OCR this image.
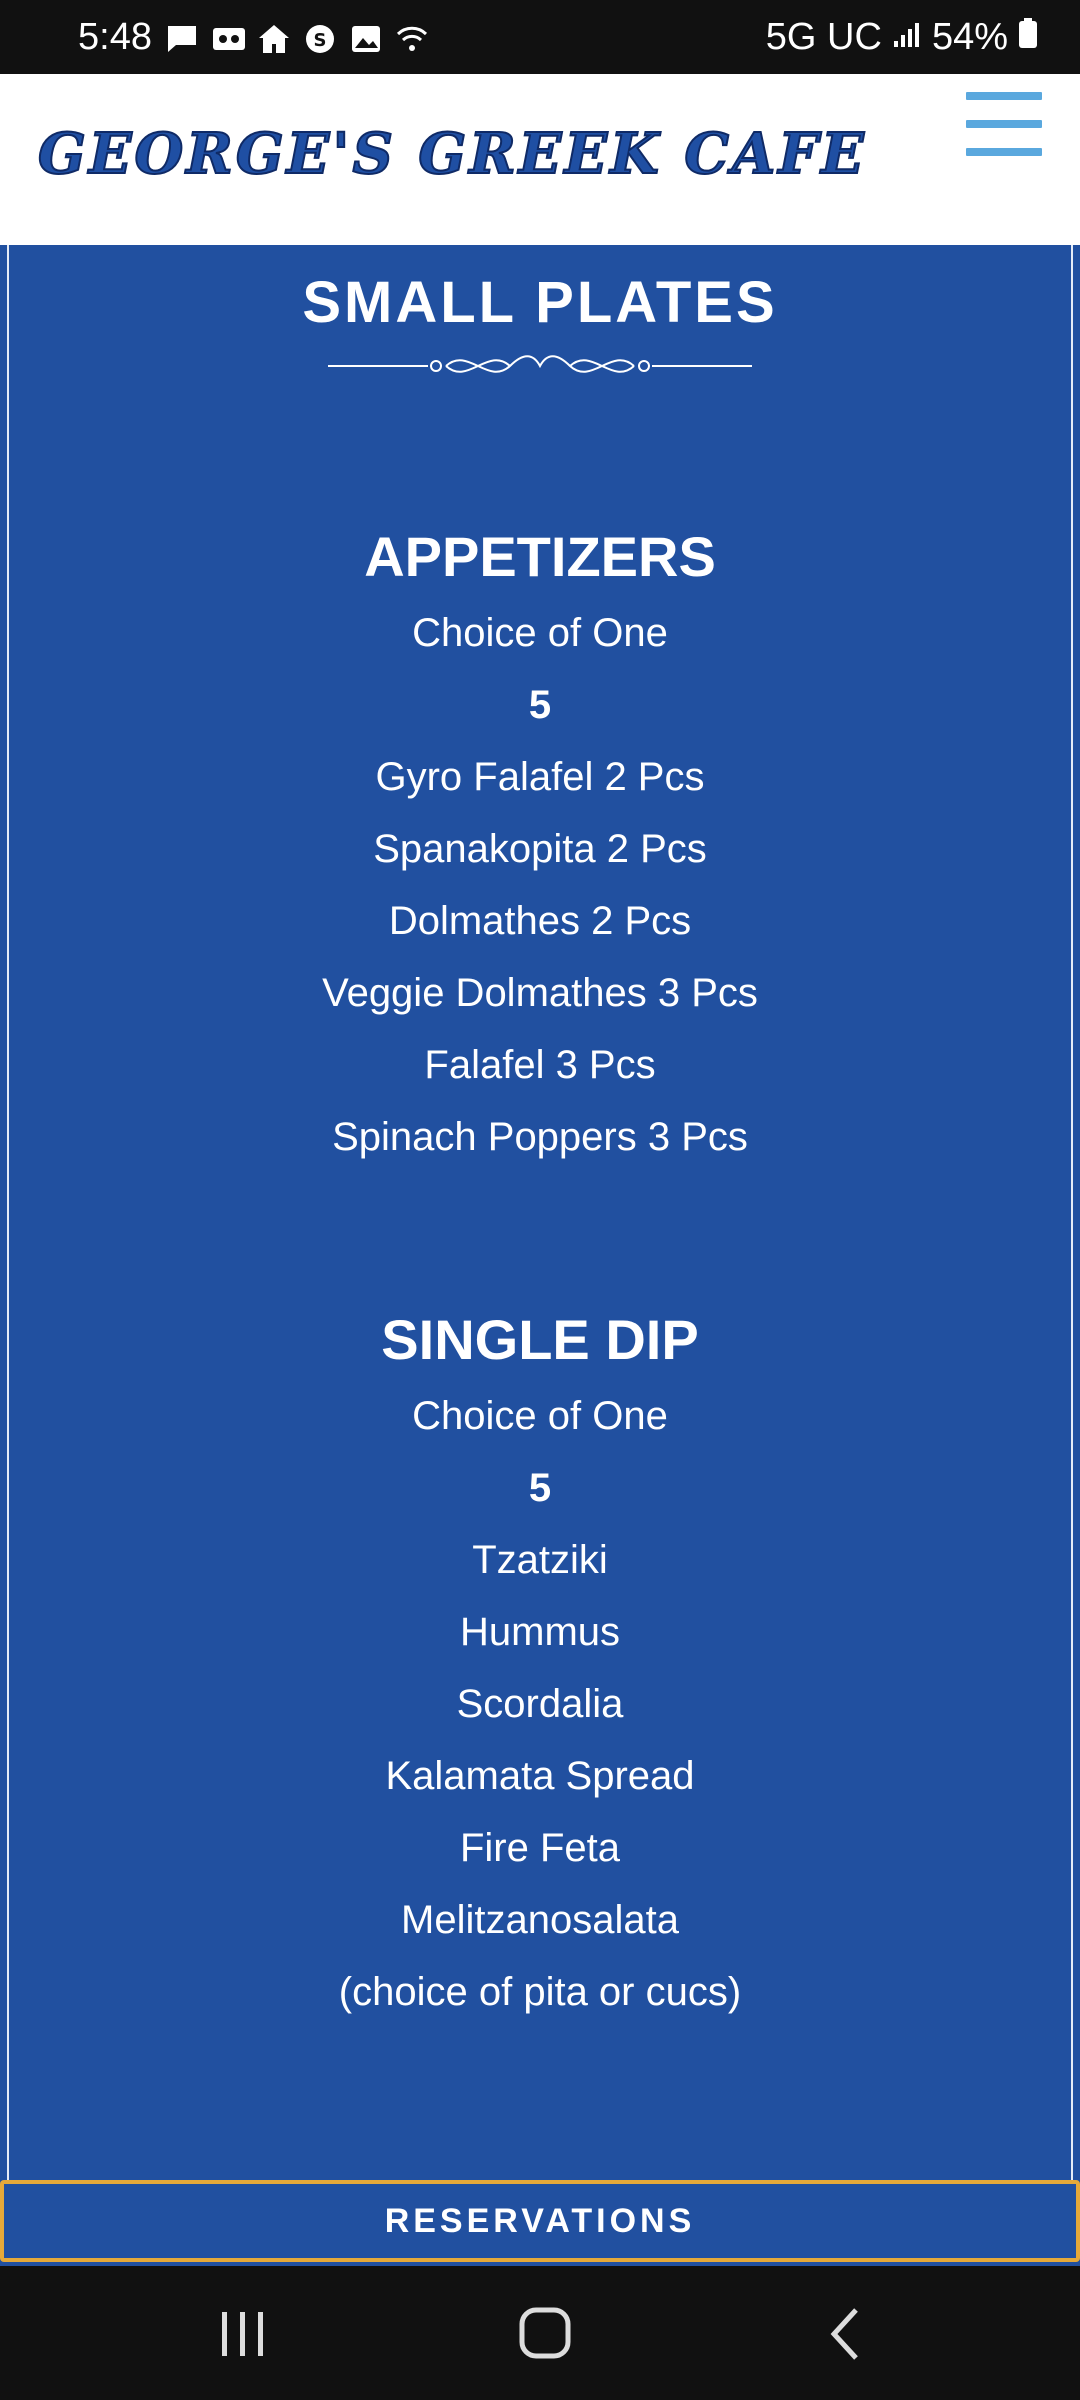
5:48	S	5G UC 54%
GEORGE'S GREEK CAFE
SMALL PLATES
APPETIZERS
Choice of One
5
Gyro Falafel 2 Pcs
Spanakopita 2 Pcs
Dolmathes 2 Pcs
Veggie Dolmathes 3 Pcs
Falafel 3 Pcs
Spinach Poppers 3 Pcs
SINGLE DIP
Choice of One
5
Tzatziki
Hummus
Scordalia
Kalamata Spread
Fire Feta
Melitzanosalata
(choice of pita or cucs)
RESERVATIONS
